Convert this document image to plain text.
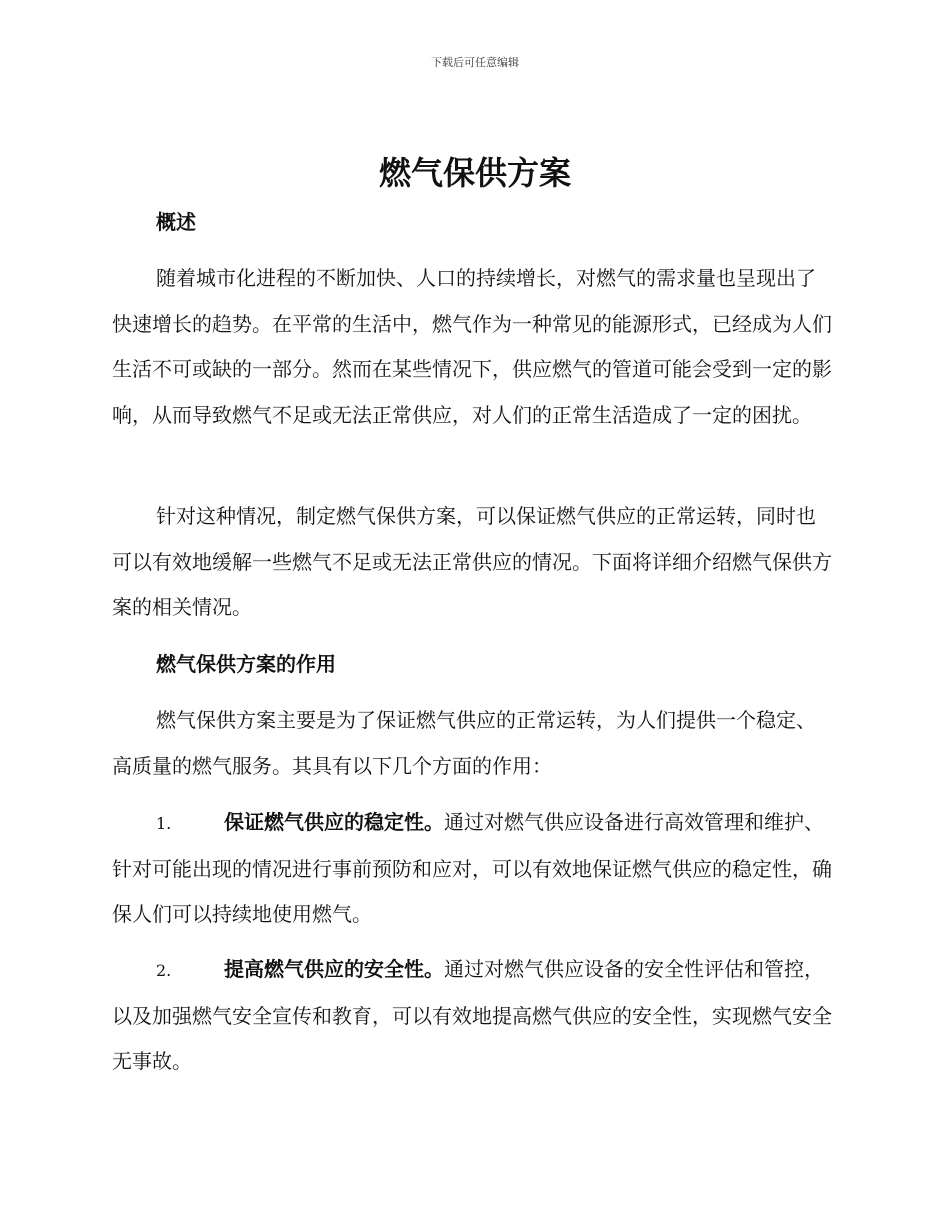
下载后可任意编辑
燃气保供方案
概述

随着城市化进程的不断加快、人口的持续增长，对燃气的需求量也呈现出了快速增长的趋势。在平常的生活中，燃气作为一种常见的能源形式，已经成为人们生活不可或缺的一部分。然而在某些情况下，供应燃气的管道可能会受到一定的影响，从而导致燃气不足或无法正常供应，对人们的正常生活造成了一定的困扰。

针对这种情况，制定燃气保供方案，可以保证燃气供应的正常运转，同时也可以有效地缓解一些燃气不足或无法正常供应的情况。下面将详细介绍燃气保供方案的相关情况。

燃气保供方案的作用

燃气保供方案主要是为了保证燃气供应的正常运转，为人们提供一个稳定、高质量的燃气服务。其具有以下几个方面的作用：

1.	保证燃气供应的稳定性。通过对燃气供应设备进行高效管理和维护、针对可能出现的情况进行事前预防和应对，可以有效地保证燃气供应的稳定性，确保人们可以持续地使用燃气。

2.	提高燃气供应的安全性。通过对燃气供应设备的安全性评估和管控，以及加强燃气安全宣传和教育，可以有效地提高燃气供应的安全性，实现燃气安全无事故。
